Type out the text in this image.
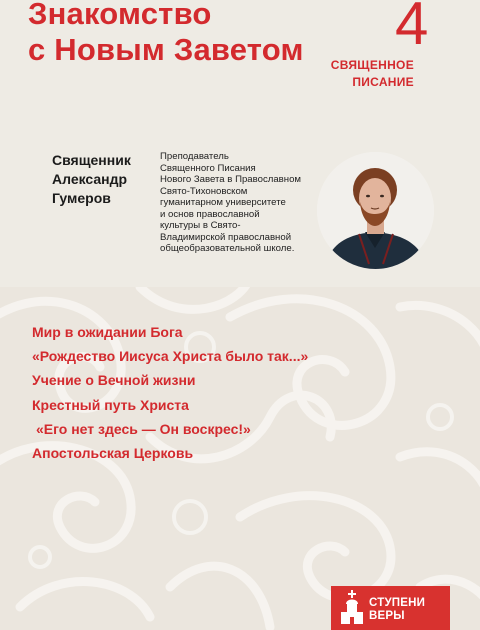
Знакомство
с Новым Заветом 4
СВЯЩЕННОЕ
ПИСАНИЕ
Священник
Александр
Гумеров
Преподаватель
Священного Писания
Нового Завета в Православном
Свято-Тихоновском
гуманитарном университете
и основ православной
культуры в Свято-
Владимирской православной
общеобразовательной школе.
Мир в ожидании Бога
«Рождество Иисуса Христа было так...»
Учение о Вечной жизни
Крестный путь Христа
«Его нет здесь — Он воскрес!»
Апостольская Церковь
СТУПЕНИ
ВЕРЫ
